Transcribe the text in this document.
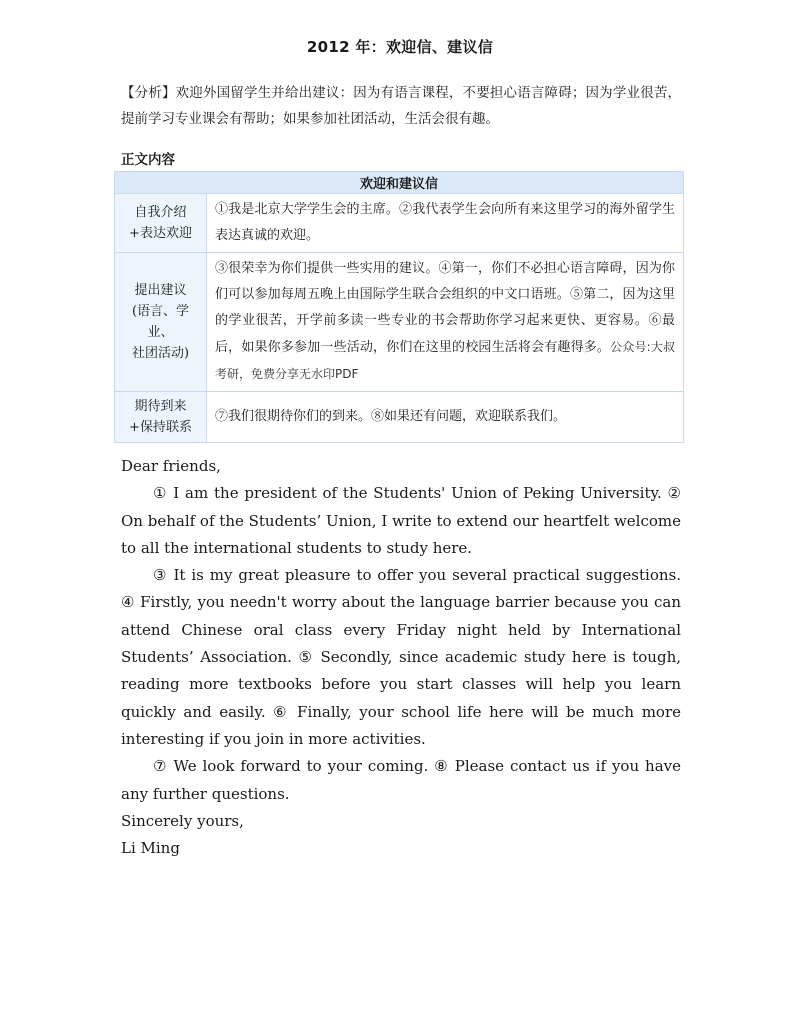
2012 年：欢迎信、建议信
【分析】欢迎外国留学生并给出建议：因为有语言课程，不要担心语言障碍；因为学业很苦，提前学习专业课会有帮助；如果参加社团活动，生活会很有趣。
正文内容
欢迎和建议信	

自我介绍
+表达欢迎	①我是北京大学学生会的主席。②我代表学生会向所有来这里学习的海外留学生表达真诚的欢迎。

提出建议
(语言、学业、
社团活动)	③很荣幸为你们提供一些实用的建议。④第一，你们不必担心语言障碍，因为你们可以参加每周五晚上由国际学生联合会组织的中文口语班。⑤第二，因为这里的学业很苦，开学前多读一些专业的书会帮助你学习起来更快、更容易。⑥最后，如果你多参加一些活动，你们在这里的校园生活将会有趣得多。公众号:大叔考研，免费分享无水印PDF

期待到来
+保持联系	⑦我们很期待你们的到来。⑧如果还有问题，欢迎联系我们。

Dear friends,

① I am the president of the Students' Union of Peking University. ② On behalf of the Students’ Union, I write to extend our heartfelt welcome to all the international students to study here.

③ It is my great pleasure to offer you several practical suggestions. ④ Firstly, you needn't worry about the language barrier because you can attend Chinese oral class every Friday night held by International Students’ Association. ⑤ Secondly, since academic study here is tough, reading more textbooks before you start classes will help you learn quickly and easily. ⑥ Finally, your school life here will be much more interesting if you join in more activities.

⑦ We look forward to your coming. ⑧ Please contact us if you have any further questions.

Sincerely yours,

Li Ming
